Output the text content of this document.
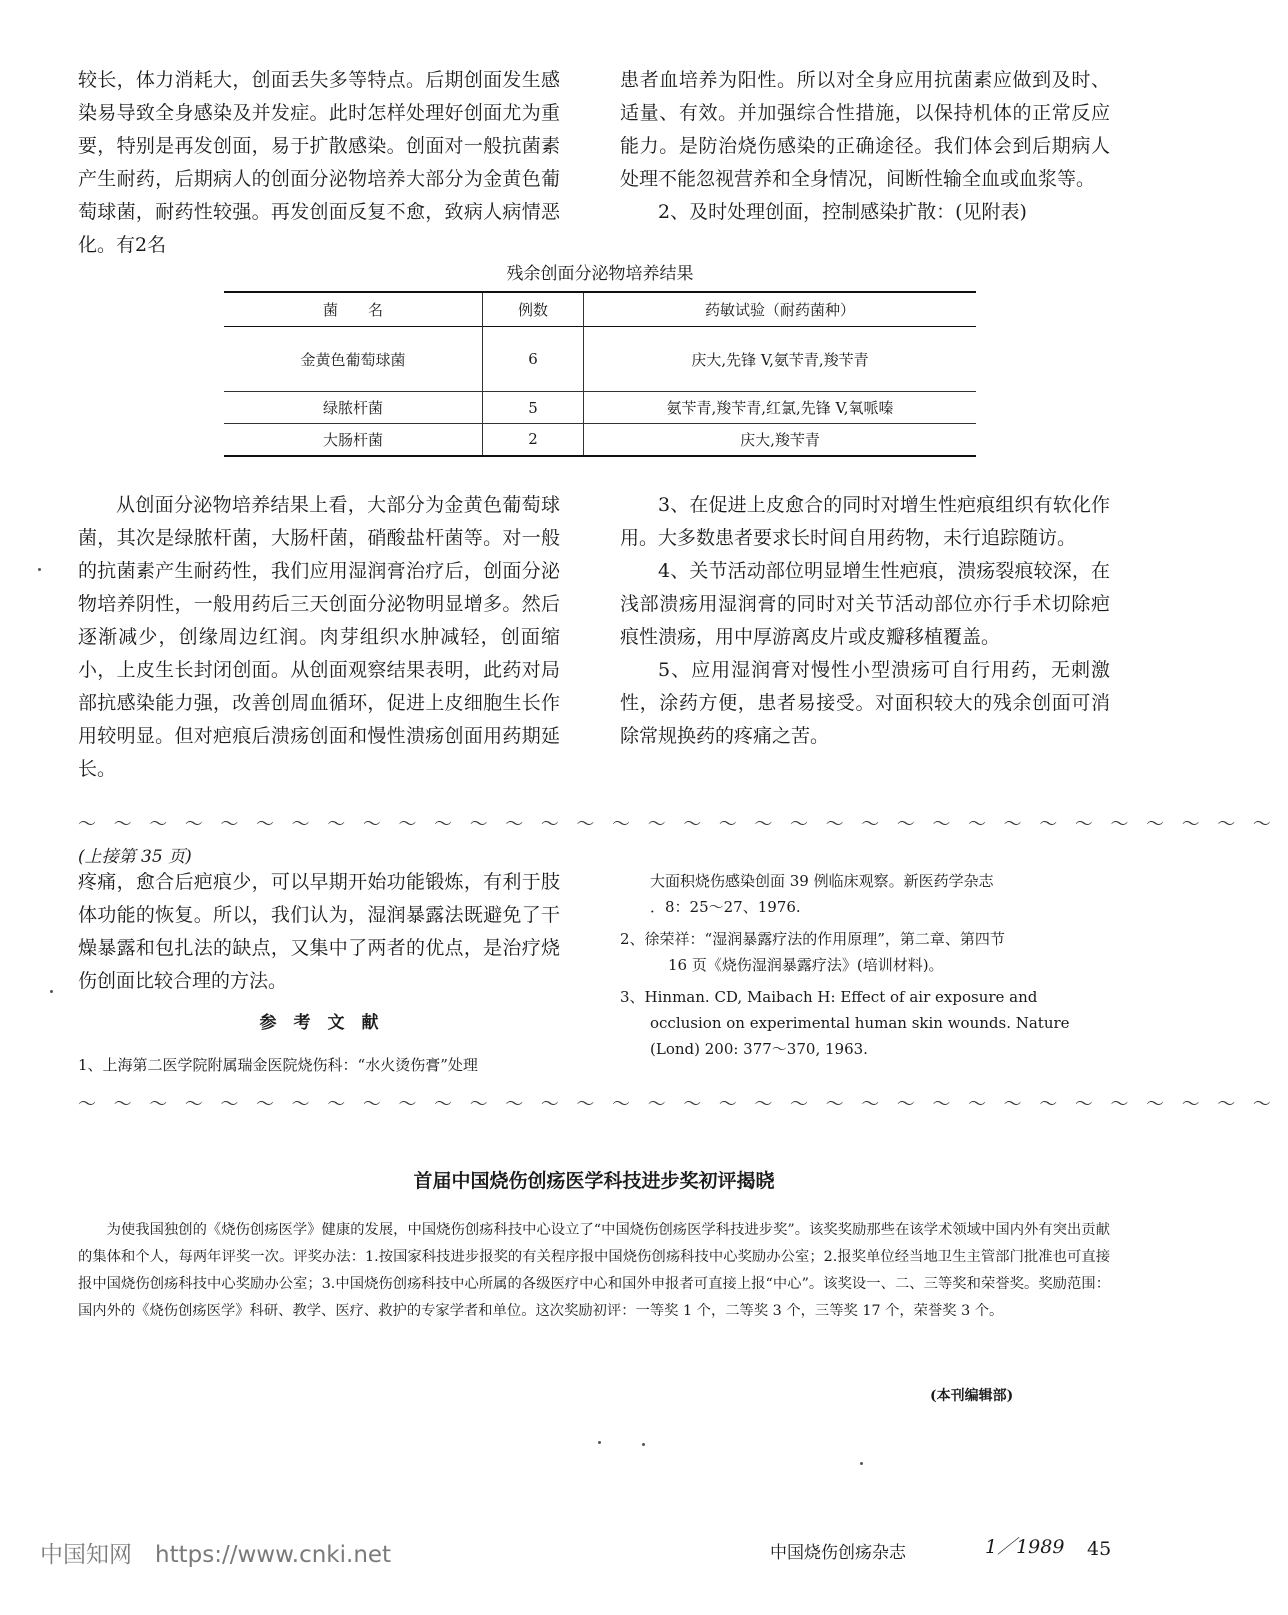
较长，体力消耗大，创面丢失多等特点。后期创面发生感染易导致全身感染及并发症。此时怎样处理好创面尤为重要，特别是再发创面，易于扩散感染。创面对一般抗菌素产生耐药，后期病人的创面分泌物培养大部分为金黄色葡萄球菌，耐药性较强。再发创面反复不愈，致病人病情恶化。有2名

患者血培养为阳性。所以对全身应用抗菌素应做到及时、适量、有效。并加强综合性措施，以保持机体的正常反应能力。是防治烧伤感染的正确途径。我们体会到后期病人处理不能忽视营养和全身情况，间断性输全血或血浆等。

2、及时处理创面，控制感染扩散：(见附表)

残余创面分泌物培养结果
菌　　名	例数	药敏试验（耐药菌种）
金黄色葡萄球菌	6	庆大,先锋 V,氨苄青,羧苄青
绿脓杆菌	5	氨苄青,羧苄青,红氯,先锋 V,氧哌嗪
大肠杆菌	2	庆大,羧苄青

从创面分泌物培养结果上看，大部分为金黄色葡萄球菌，其次是绿脓杆菌，大肠杆菌，硝酸盐杆菌等。对一般的抗菌素产生耐药性，我们应用湿润膏治疗后，创面分泌物培养阴性，一般用药后三天创面分泌物明显增多。然后逐渐减少，创缘周边红润。肉芽组织水肿减轻，创面缩小，上皮生长封闭创面。从创面观察结果表明，此药对局部抗感染能力强，改善创周血循环，促进上皮细胞生长作用较明显。但对疤痕后溃疡创面和慢性溃疡创面用药期延长。

3、在促进上皮愈合的同时对增生性疤痕组织有软化作用。大多数患者要求长时间自用药物，未行追踪随访。

4、关节活动部位明显增生性疤痕，溃疡裂痕较深，在浅部溃疡用湿润膏的同时对关节活动部位亦行手术切除疤痕性溃疡，用中厚游离皮片或皮瓣移植覆盖。

5、应用湿润膏对慢性小型溃疡可自行用药，无刺激性，涂药方便，患者易接受。对面积较大的残余创面可消除常规换药的疼痛之苦。

～～～～～～～～～～～～～～～～～～～～～～～～～～～～～～～～～～
(上接第 35 页)

疼痛，愈合后疤痕少，可以早期开始功能锻炼，有利于肢体功能的恢复。所以，我们认为，湿润暴露法既避免了干燥暴露和包扎法的缺点，又集中了两者的优点，是治疗烧伤创面比较合理的方法。

参　考　文　献

1、上海第二医学院附属瑞金医院烧伤科：“水火烫伤膏”处理

大面积烧伤感染创面 39 例临床观察。新医药学杂志

．8：25～27、1976.

2、徐荣祥：“湿润暴露疗法的作用原理”，第二章、第四节

16 页《烧伤湿润暴露疗法》(培训材料)。

3、Hinman. CD, Maibach H: Effect of air exposure and

occlusion on experimental human skin wounds. Nature

(Lond) 200: 377～370, 1963.

～～～～～～～～～～～～～～～～～～～～～～～～～～～～～～～～～～
首届中国烧伤创疡医学科技进步奖初评揭晓
为使我国独创的《烧伤创疡医学》健康的发展，中国烧伤创疡科技中心设立了“中国烧伤创疡医学科技进步奖”。该奖奖励那些在该学术领域中国内外有突出贡献的集体和个人，每两年评奖一次。评奖办法：1.按国家科技进步报奖的有关程序报中国烧伤创疡科技中心奖励办公室；2.报奖单位经当地卫生主管部门批准也可直接报中国烧伤创疡科技中心奖励办公室；3.中国烧伤创疡科技中心所属的各级医疗中心和国外申报者可直接上报“中心”。该奖设一、二、三等奖和荣誉奖。奖励范围：国内外的《烧伤创疡医学》科研、教学、医疗、救护的专家学者和单位。这次奖励初评：一等奖 1 个，二等奖 3 个，三等奖 17 个，荣誉奖 3 个。
(本刊编辑部)
中国知网　https://www.cnki.net	中国烧伤创疡杂志	1／1989 45
